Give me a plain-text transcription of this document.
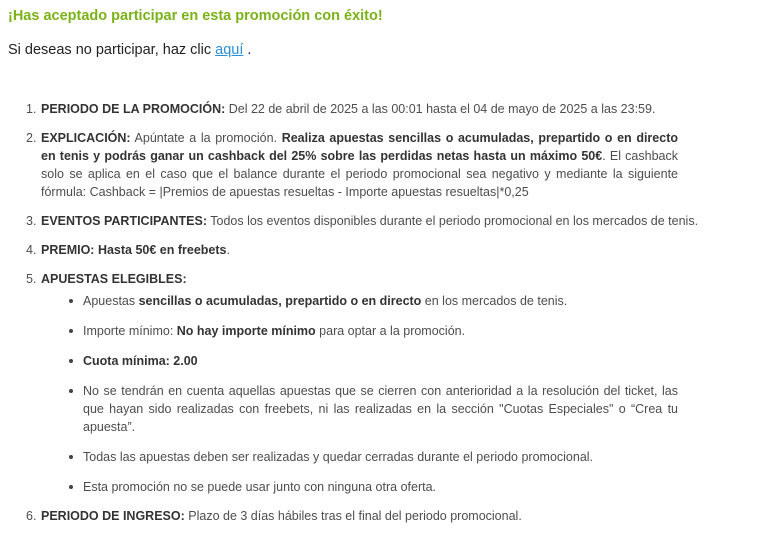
¡Has aceptado participar en esta promoción con éxito!

Si deseas no participar, haz clic aquí .

1. PERIODO DE LA PROMOCIÓN: Del 22 de abril de 2025 a las 00:01 hasta el 04 de mayo de 2025 a las 23:59.
2. EXPLICACIÓN: Apúntate a la promoción. Realiza apuestas sencillas o acumuladas, prepartido o en directo en tenis y podrás ganar un cashback del 25% sobre las perdidas netas hasta un máximo 50€. El cashback solo se aplica en el caso que el balance durante el periodo promocional sea negativo y mediante la siguiente fórmula: Cashback = |Premios de apuestas resueltas - Importe apuestas resueltas|*0,25
3. EVENTOS PARTICIPANTES: Todos los eventos disponibles durante el periodo promocional en los mercados de tenis.
4. PREMIO: Hasta 50€ en freebets.
5. APUESTAS ELEGIBLES:
Apuestas sencillas o acumuladas, prepartido o en directo en los mercados de tenis.
Importe mínimo: No hay importe mínimo para optar a la promoción.
Cuota mínima: 2.00
No se tendrán en cuenta aquellas apuestas que se cierren con anterioridad a la resolución del ticket, las que hayan sido realizadas con freebets, ni las realizadas en la sección "Cuotas Especiales" o “Crea tu apuesta”.
Todas las apuestas deben ser realizadas y quedar cerradas durante el periodo promocional.
Esta promoción no se puede usar junto con ninguna otra oferta.
6. PERIODO DE INGRESO: Plazo de 3 días hábiles tras el final del periodo promocional.
